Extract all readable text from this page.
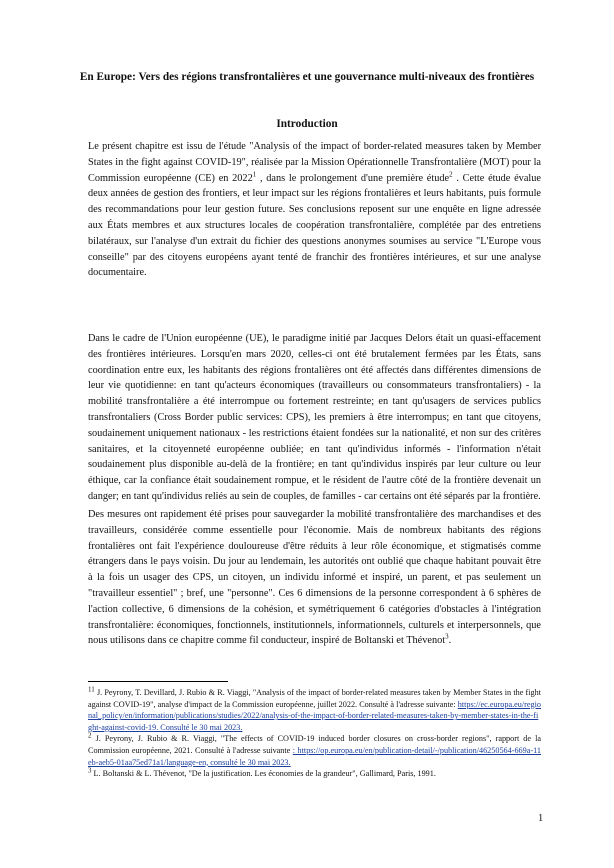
En Europe: Vers des régions transfrontalières et une gouvernance multi-niveaux des frontières
Introduction

Le présent chapitre est issu de l'étude "Analysis of the impact of border-related measures taken by Member States in the fight against COVID-19", réalisée par la Mission Opérationnelle Transfrontalière (MOT) pour la Commission européenne (CE) en 2022$^1$ , dans le prolongement d'une première étude$^2$ . Cette étude évalue deux années de gestion des frontiers, et leur impact sur les régions frontalières et leurs habitants, puis formule des recommandations pour leur gestion future. Ses conclusions reposent sur une enquête en ligne adressée aux États membres et aux structures locales de coopération transfrontalière, complétée par des entretiens bilatéraux, sur l'analyse d'un extrait du fichier des questions anonymes soumises au service "L'Europe vous conseille" par des citoyens européens ayant tenté de franchir des frontières intérieures, et sur une analyse documentaire.

Dans le cadre de l'Union européenne (UE), le paradigme initié par Jacques Delors était un quasi-effacement des frontières intérieures. Lorsqu'en mars 2020, celles-ci ont été brutalement fermées par les États, sans coordination entre eux, les habitants des régions frontalières ont été affectés dans différentes dimensions de leur vie quotidienne: en tant qu'acteurs économiques (travailleurs ou consommateurs transfrontaliers) - la mobilité transfrontalière a été interrompue ou fortement restreinte; en tant qu'usagers de services publics transfrontaliers (Cross Border public services: CPS), les premiers à être interrompus; en tant que citoyens, soudainement uniquement nationaux - les restrictions étaient fondées sur la nationalité, et non sur des critères sanitaires, et la citoyenneté européenne oubliée; en tant qu'individus informés - l'information n'était soudainement plus disponible au-delà de la frontière; en tant qu'individus inspirés par leur culture ou leur éthique, car la confiance était soudainement rompue, et le résident de l'autre côté de la frontière devenait un danger; en tant qu'individus reliés au sein de couples, de familles - car certains ont été séparés par la frontière.

Des mesures ont rapidement été prises pour sauvegarder la mobilité transfrontalière des marchandises et des travailleurs, considérée comme essentielle pour l'économie. Mais de nombreux habitants des régions frontalières ont fait l'expérience douloureuse d'être réduits à leur rôle économique, et stigmatisés comme étrangers dans le pays voisin. Du jour au lendemain, les autorités ont oublié que chaque habitant pouvait être à la fois un usager des CPS, un citoyen, un individu informé et inspiré, un parent, et pas seulement un "travailleur essentiel" ; bref, une "personne". Ces 6 dimensions de la personne correspondent à 6 sphères de l'action collective, 6 dimensions de la cohésion, et symétriquement 6 catégories d'obstacles à l'intégration transfrontalière: économiques, fonctionnels, institutionnels, informationnels, culturels et interpersonnels, que nous utilisons dans ce chapitre comme fil conducteur, inspiré de Boltanski et Thévenot$^3$.

$^{11}$ J. Peyrony, T. Devillard, J. Rubio & R. Viaggi, "Analysis of the impact of border-related measures taken by Member States in the fight against COVID-19", analyse d'impact de la Commission européenne, juillet 2022. Consulté à l'adresse suivante: https://ec.europa.eu/regional_policy/en/information/publications/studies/2022/analysis-of-the-impact-of-border-related-measures-taken-by-member-states-in-the-fight-against-covid-19. Consulté le 30 mai 2023.

$^2$ J. Peyrony, J. Rubio & R. Viaggi, "The effects of COVID-19 induced border closures on cross-border regions", rapport de la Commission européenne, 2021. Consulté à l'adresse suivante : https://op.europa.eu/en/publication-detail/-/publication/46250564-669a-11eb-aeb5-01aa75ed71a1/language-en, consulté le 30 mai 2023.

$^3$ L. Boltanski & L. Thévenot, "De la justification. Les économies de la grandeur", Gallimard, Paris, 1991.

1
